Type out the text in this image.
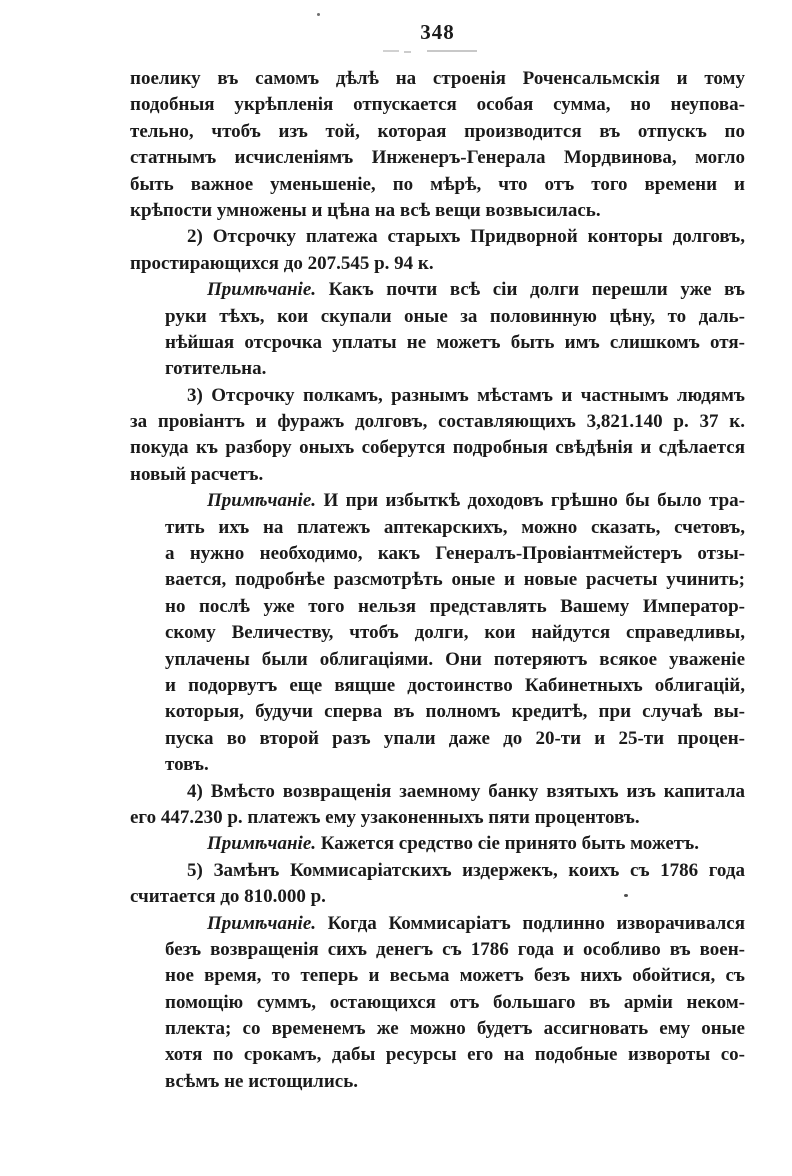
348
поелику въ самомъ дѣлѣ на строенія Роченсальмскія и тому
подобныя укрѣпленія отпускается особая сумма, но неупова-
тельно, чтобъ изъ той, которая производится въ отпускъ по
статнымъ исчисленіямъ Инженеръ-Генерала Мордвинова, могло
быть важное уменьшеніе, по мѣрѣ, что отъ того времени и
крѣпости умножены и цѣна на всѣ вещи возвысилась.
2) Отсрочку платежа старыхъ Придворной конторы долговъ,
простирающихся до 207.545 р. 94 к.
Примѣчаніе. Какъ почти всѣ сіи долги перешли уже въ
руки тѣхъ, кои скупали оные за половинную цѣну, то даль-
нѣйшая отсрочка уплаты не можетъ быть имъ слишкомъ отя-
готительна.
3) Отсрочку полкамъ, разнымъ мѣстамъ и частнымъ людямъ
за провіантъ и фуражъ долговъ, составляющихъ 3,821.140 р. 37 к.
покуда къ разбору оныхъ соберутся подробныя свѣдѣнія и сдѣлается
новый расчетъ.
Примѣчаніе. И при избыткѣ доходовъ грѣшно бы было тра-
тить ихъ на платежъ аптекарскихъ, можно сказать, счетовъ,
а нужно необходимо, какъ Генералъ-Провіантмейстеръ отзы-
вается, подробнѣе разсмотрѣть оные и новые расчеты учинить;
но послѣ уже того нельзя представлять Вашему Император-
скому Величеству, чтобъ долги, кои найдутся справедливы,
уплачены были облигаціями. Они потеряютъ всякое уваженіе
и подорвутъ еще вящше достоинство Кабинетныхъ облигацій,
которыя, будучи сперва въ полномъ кредитѣ, при случаѣ вы-
пуска во второй разъ упали даже до 20-ти и 25-ти процен-
товъ.
4) Вмѣсто возвращенія заемному банку взятыхъ изъ капитала
его 447.230 р. платежъ ему узаконенныхъ пяти процентовъ.
Примѣчаніе. Кажется средство сіе принято быть можетъ.
5) Замѣнъ Коммисаріатскихъ издержекъ, коихъ съ 1786 года
считается до 810.000 р.
Примѣчаніе. Когда Коммисаріатъ подлинно изворачивался
безъ возвращенія сихъ денегъ съ 1786 года и особливо въ воен-
ное время, то теперь и весьма можетъ безъ нихъ обойтися, съ
помощію суммъ, остающихся отъ большаго въ арміи неком-
плекта; со временемъ же можно будетъ ассигновать ему оные
хотя по срокамъ, дабы ресурсы его на подобные извороты со-
всѣмъ не истощились.
